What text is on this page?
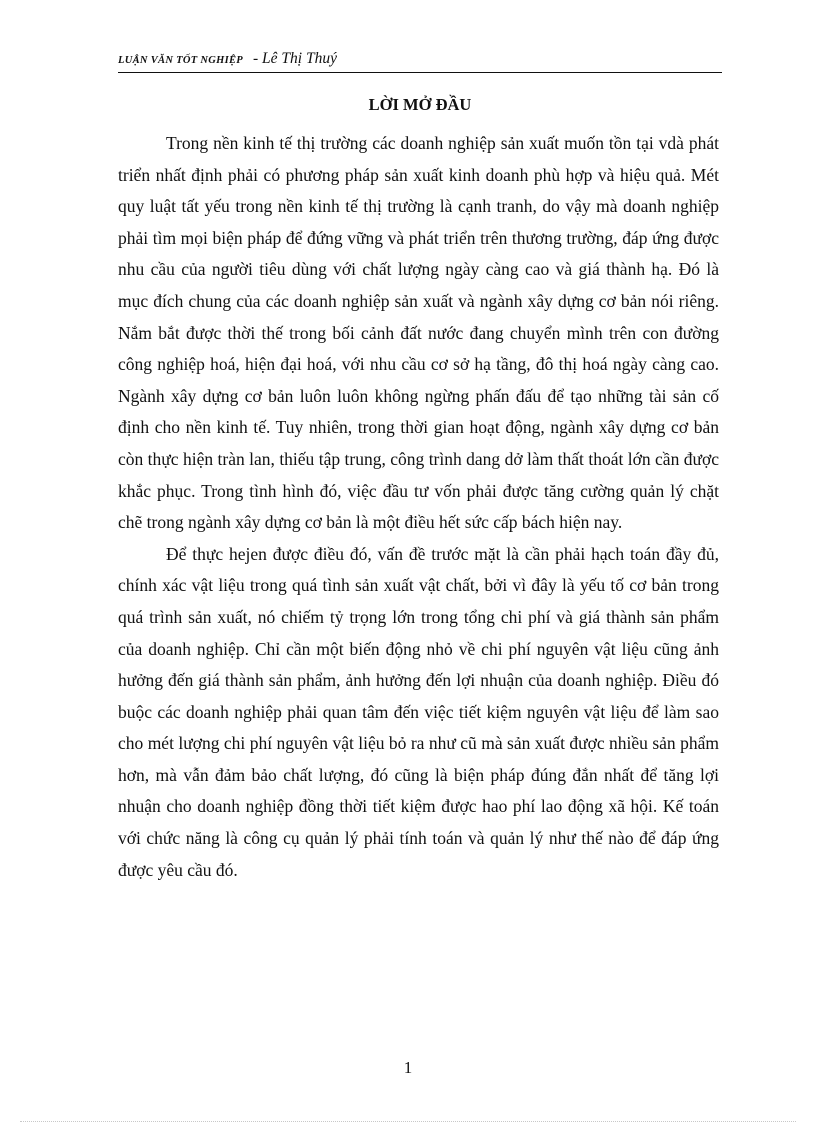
LUẬN VĂN TỐT NGHIỆP - Lê Thị Thuý
LỜI MỞ ĐẦU

Trong nền kinh tế thị trường các doanh nghiệp sản xuất muốn tồn tại vdà phát triển nhất định phải có phương pháp sản xuất kinh doanh phù hợp và hiệu quả. Mét quy luật tất yếu trong nền kinh tế thị trường là cạnh tranh, do vậy mà doanh nghiệp phải tìm mọi biện pháp để đứng vững và phát triển trên thương trường, đáp ứng được nhu cầu của người tiêu dùng với chất lượng ngày càng cao và giá thành hạ. Đó là mục đích chung của các doanh nghiệp sản xuất và ngành xây dựng cơ bản nói riêng. Nắm bắt được thời thế trong bối cảnh đất nước đang chuyển mình trên con đường công nghiệp hoá, hiện đại hoá, với nhu cầu cơ sở hạ tầng, đô thị hoá ngày càng cao. Ngành xây dựng cơ bản luôn luôn không ngừng phấn đấu để tạo những tài sản cố định cho nền kinh tế. Tuy nhiên, trong thời gian hoạt động, ngành xây dựng cơ bản còn thực hiện tràn lan, thiếu tập trung, công trình dang dở làm thất thoát lớn cần được khắc phục. Trong tình hình đó, việc đầu tư vốn phải được tăng cường quản lý chặt chẽ trong ngành xây dựng cơ bản là một điều hết sức cấp bách hiện nay.

Để thực hejen được điều đó, vấn đề trước mặt là cần phải hạch toán đầy đủ, chính xác vật liệu trong quá tình sản xuất vật chất, bởi vì đây là yếu tố cơ bản trong quá trình sản xuất, nó chiếm tỷ trọng lớn trong tổng chi phí và giá thành sản phẩm của doanh nghiệp. Chỉ cần một biến động nhỏ về chi phí nguyên vật liệu cũng ảnh hưởng đến giá thành sản phẩm, ảnh hưởng đến lợi nhuận của doanh nghiệp. Điều đó buộc các doanh nghiệp phải quan tâm đến việc tiết kiệm nguyên vật liệu để làm sao cho mét lượng chi phí nguyên vật liệu bỏ ra như cũ mà sản xuất được nhiều sản phẩm hơn, mà vẫn đảm bảo chất lượng, đó cũng là biện pháp đúng đắn nhất để tăng lợi nhuận cho doanh nghiệp đồng thời tiết kiệm được hao phí lao động xã hội. Kế toán với chức năng là công cụ quản lý phải tính toán và quản lý như thế nào để đáp ứng được yêu cầu đó.

1
